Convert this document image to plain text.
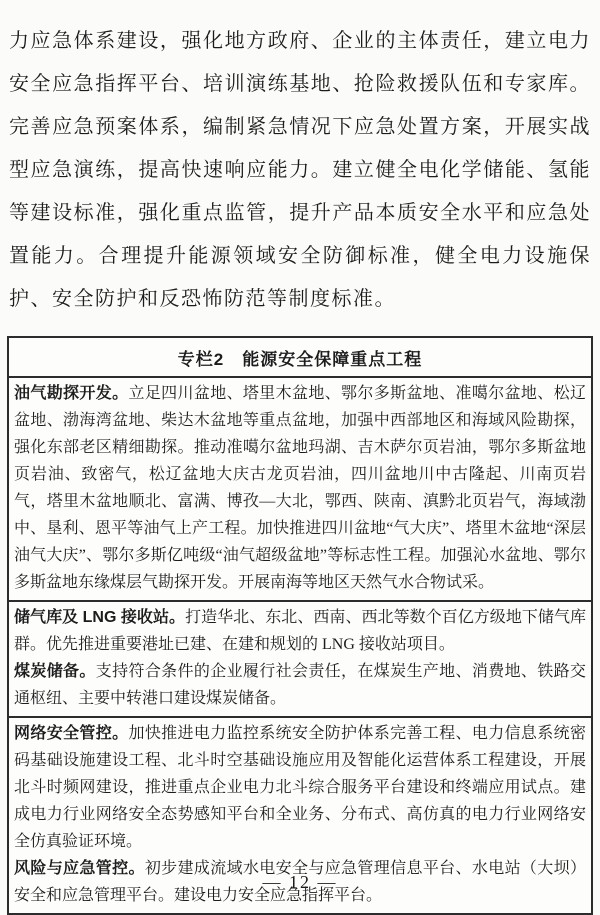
力应急体系建设，强化地方政府、企业的主体责任，建立电力安全应急指挥平台、培训演练基地、抢险救援队伍和专家库。完善应急预案体系，编制紧急情况下应急处置方案，开展实战型应急演练，提高快速响应能力。建立健全电化学储能、氢能等建设标准，强化重点监管，提升产品本质安全水平和应急处置能力。合理提升能源领域安全防御标准，健全电力设施保护、安全防护和反恐怖防范等制度标准。

专栏2　能源安全保障重点工程

油气勘探开发。立足四川盆地、塔里木盆地、鄂尔多斯盆地、准噶尔盆地、松辽盆地、渤海湾盆地、柴达木盆地等重点盆地，加强中西部地区和海域风险勘探，强化东部老区精细勘探。推动准噶尔盆地玛湖、吉木萨尔页岩油，鄂尔多斯盆地页岩油、致密气，松辽盆地大庆古龙页岩油，四川盆地川中古隆起、川南页岩气，塔里木盆地顺北、富满、博孜—大北，鄂西、陕南、滇黔北页岩气，海域渤中、垦利、恩平等油气上产工程。加快推进四川盆地“气大庆”、塔里木盆地“深层油气大庆”、鄂尔多斯亿吨级“油气超级盆地”等标志性工程。加强沁水盆地、鄂尔多斯盆地东缘煤层气勘探开发。开展南海等地区天然气水合物试采。

储气库及 LNG 接收站。打造华北、东北、西南、西北等数个百亿方级地下储气库群。优先推进重要港址已建、在建和规划的 LNG 接收站项目。

煤炭储备。支持符合条件的企业履行社会责任，在煤炭生产地、消费地、铁路交通枢纽、主要中转港口建设煤炭储备。

网络安全管控。加快推进电力监控系统安全防护体系完善工程、电力信息系统密码基础设施建设工程、北斗时空基础设施应用及智能化运营体系工程建设，开展北斗时频网建设，推进重点企业电力北斗综合服务平台建设和终端应用试点。建成电力行业网络安全态势感知平台和全业务、分布式、高仿真的电力行业网络安全仿真验证环境。

风险与应急管控。初步建成流域水电安全与应急管理信息平台、水电站（大坝）安全和应急管理平台。建设电力安全应急指挥平台。

— 12 —
